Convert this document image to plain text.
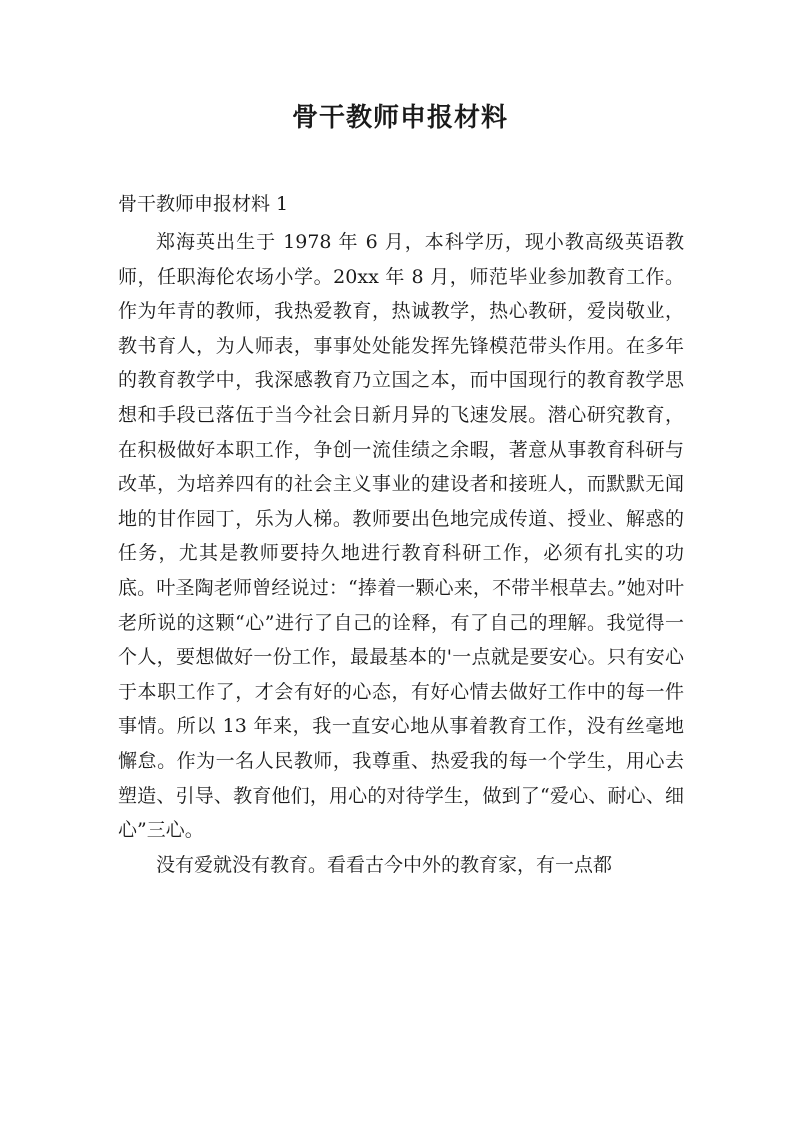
骨干教师申报材料

骨干教师申报材料 1

郑海英出生于 1978 年 6 月，本科学历，现小教高级英语教师，任职海伦农场小学。20xx 年 8 月，师范毕业参加教育工作。作为年青的教师，我热爱教育，热诚教学，热心教研，爱岗敬业，教书育人，为人师表，事事处处能发挥先锋模范带头作用。在多年的教育教学中，我深感教育乃立国之本，而中国现行的教育教学思想和手段已落伍于当今社会日新月异的飞速发展。潜心研究教育，在积极做好本职工作，争创一流佳绩之余暇，著意从事教育科研与改革，为培养四有的社会主义事业的建设者和接班人，而默默无闻地的甘作园丁，乐为人梯。教师要出色地完成传道、授业、解惑的任务，尤其是教师要持久地进行教育科研工作，必须有扎实的功底。叶圣陶老师曾经说过：“捧着一颗心来，不带半根草去。”她对叶老所说的这颗“心”进行了自己的诠释，有了自己的理解。我觉得一个人，要想做好一份工作，最最基本的'一点就是要安心。只有安心于本职工作了，才会有好的心态，有好心情去做好工作中的每一件事情。所以 13 年来，我一直安心地从事着教育工作，没有丝毫地懈怠。作为一名人民教师，我尊重、热爱我的每一个学生，用心去塑造、引导、教育他们，用心的对待学生，做到了“爱心、耐心、细心”三心。

没有爱就没有教育。看看古今中外的教育家，有一点都
